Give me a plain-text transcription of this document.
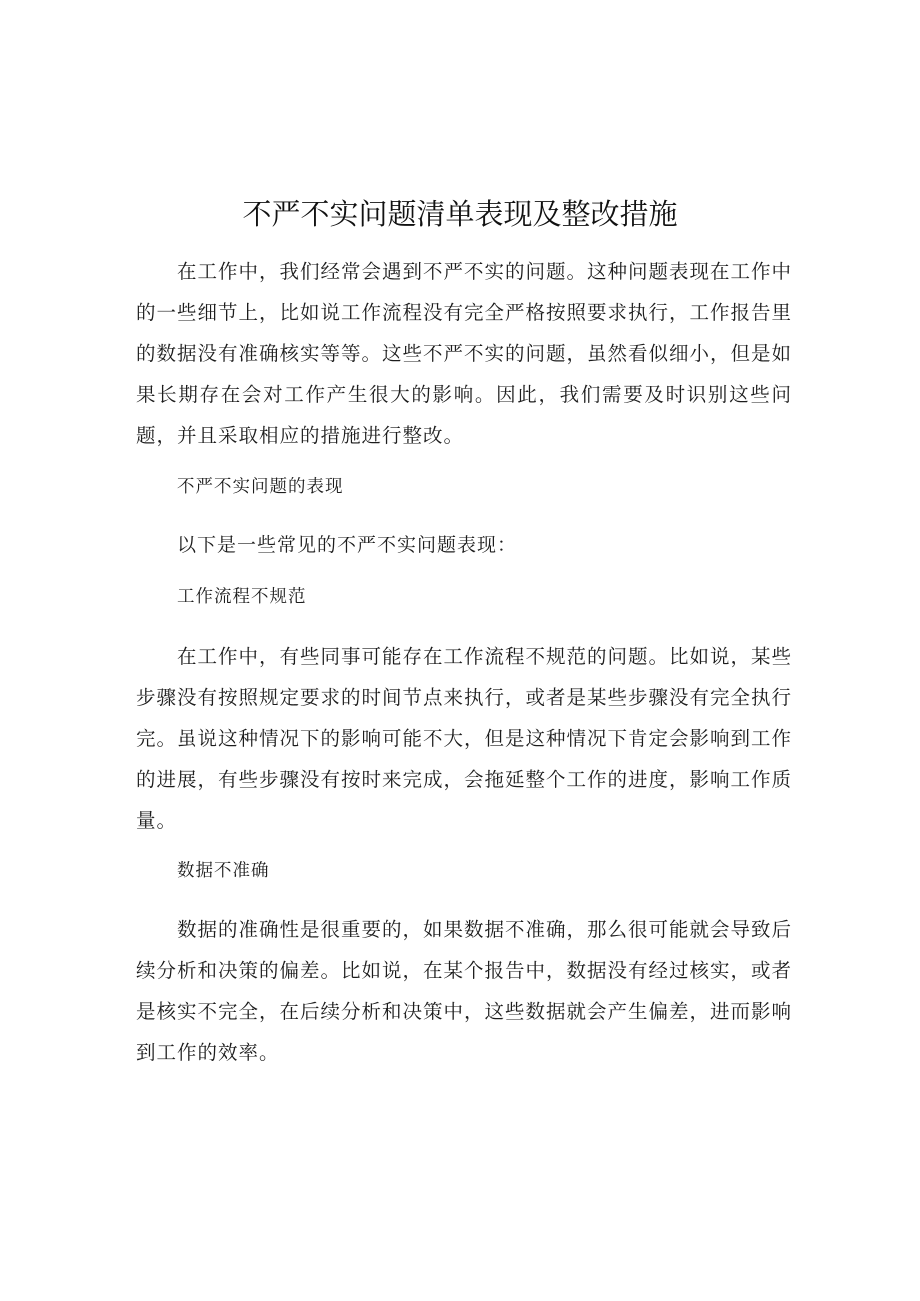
不严不实问题清单表现及整改措施

在工作中，我们经常会遇到不严不实的问题。这种问题表现在工作中的一些细节上，比如说工作流程没有完全严格按照要求执行，工作报告里的数据没有准确核实等等。这些不严不实的问题，虽然看似细小，但是如果长期存在会对工作产生很大的影响。因此，我们需要及时识别这些问题，并且采取相应的措施进行整改。

不严不实问题的表现

以下是一些常见的不严不实问题表现：

工作流程不规范

在工作中，有些同事可能存在工作流程不规范的问题。比如说，某些步骤没有按照规定要求的时间节点来执行，或者是某些步骤没有完全执行完。虽说这种情况下的影响可能不大，但是这种情况下肯定会影响到工作的进展，有些步骤没有按时来完成，会拖延整个工作的进度，影响工作质量。

数据不准确

数据的准确性是很重要的，如果数据不准确，那么很可能就会导致后续分析和决策的偏差。比如说，在某个报告中，数据没有经过核实，或者是核实不完全，在后续分析和决策中，这些数据就会产生偏差，进而影响到工作的效率。
